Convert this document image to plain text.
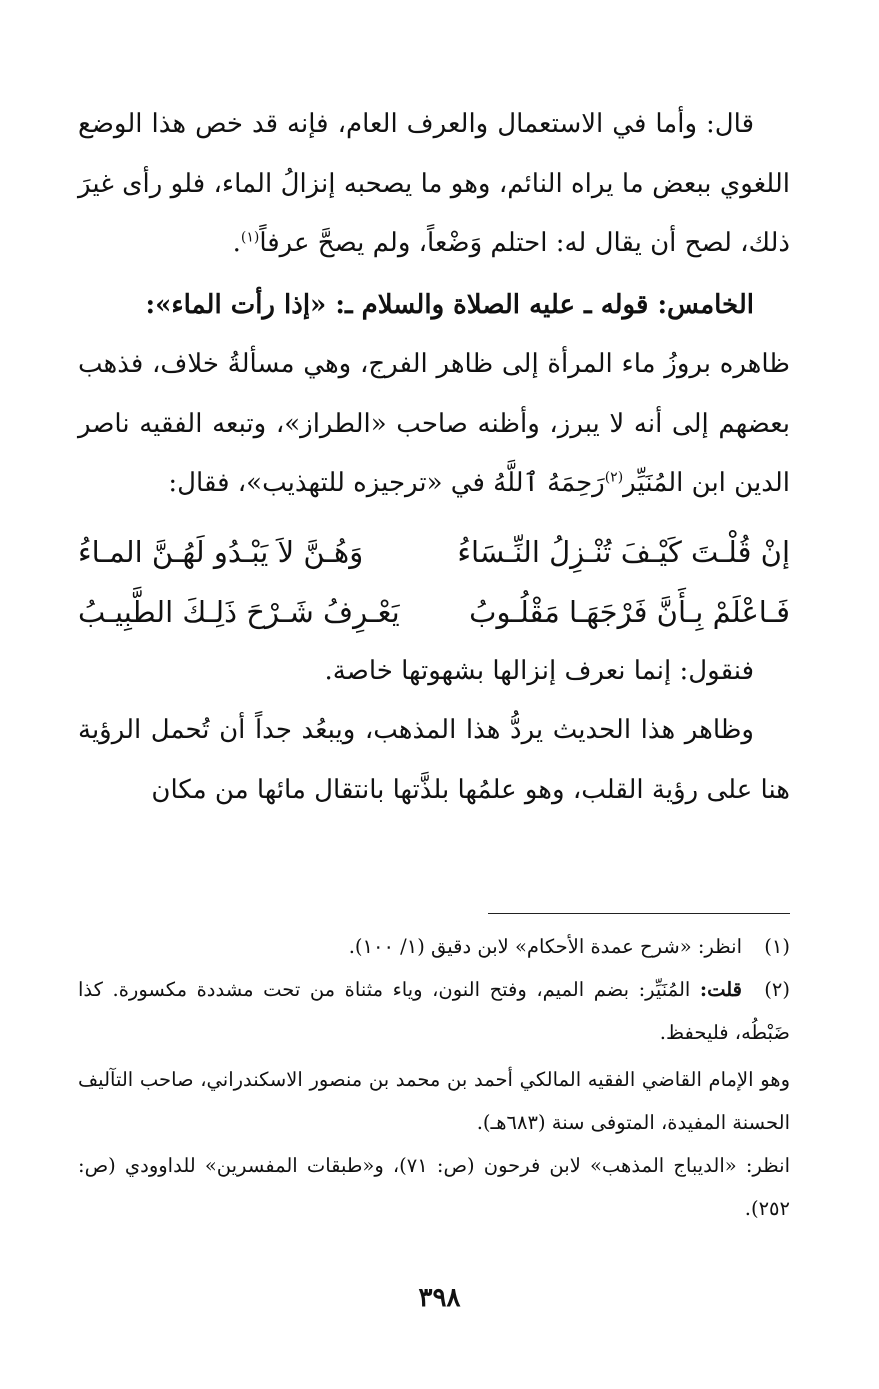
قال: وأما في الاستعمال والعرف العام، فإنه قد خص هذا الوضع اللغوي ببعض ما يراه النائم، وهو ما يصحبه إنزالُ الماء، فلو رأى غيرَ ذلك، لصح أن يقال له: احتلم وَضْعاً، ولم يصحَّ عرفاً$^{(١)}$.

الخامس: قوله ـ عليه الصلاة والسلام ـ: «إذا رأت الماء»:

ظاهره بروزُ ماء المرأة إلى ظاهر الفرج، وهي مسألةُ خلاف، فذهب بعضهم إلى أنه لا يبرز، وأظنه صاحب «الطراز»، وتبعه الفقيه ناصر الدين ابن المُنَيِّر$^{(٢)}$رَحِمَهُ ٱللَّهُ في «ترجيزه للتهذيب»، فقال:

إنْ قُلْـتَ كَيْـفَ تُنْـزِلُ النِّـسَاءُ
وَهُـنَّ لاَ يَبْـدُو لَهُـنَّ المـاءُ
فَـاعْلَمْ بِـأَنَّ فَرْجَهَـا مَقْلُـوبُ
يَعْـرِفُ شَـرْحَ ذَلِـكَ الطَّبِيـبُ

فنقول: إنما نعرف إنزالها بشهوتها خاصة.

وظاهر هذا الحديث يردُّ هذا المذهب، ويبعُد جداً أن تُحمل الرؤية هنا على رؤية القلب، وهو علمُها بلذَّتها بانتقال مائها من مكان

(١)انظر: «شرح عمدة الأحكام» لابن دقيق (١/ ١٠٠).

(٢)قلت: المُنَيِّر: بضم الميم، وفتح النون، وياء مثناة من تحت مشددة مكسورة. كذا ضَبْطُه، فليحفظ.

وهو الإمام القاضي الفقيه المالكي أحمد بن محمد بن منصور الاسكندراني، صاحب التآليف الحسنة المفيدة، المتوفى سنة (٦٨٣هـ).

انظر: «الديباج المذهب» لابن فرحون (ص: ٧١)، و«طبقات المفسرين» للداوودي (ص: ٢٥٢).

٣٩٨
